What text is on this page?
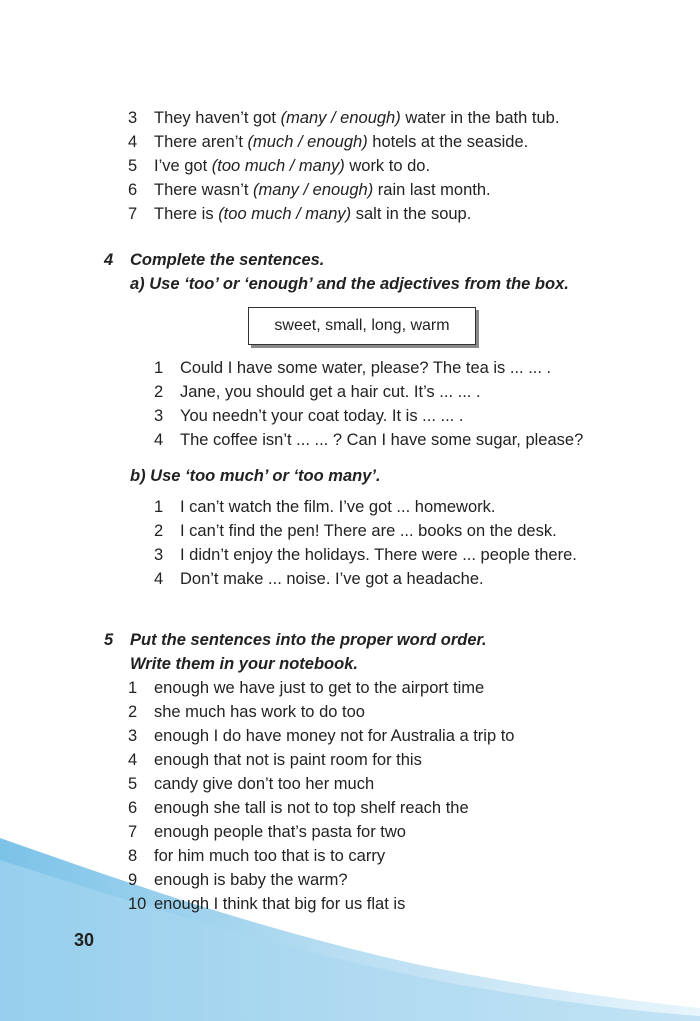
3 They haven’t got (many / enough) water in the bath tub.
4 There aren’t (much / enough) hotels at the seaside.
5 I’ve got (too much / many) work to do.
6 There wasn’t (many / enough) rain last month.
7 There is (too much / many) salt in the soup.
4 Complete the sentences.
a) Use ‘too’ or ‘enough’ and the adjectives from the box.
1 Could I have some water, please? The tea is ... ... .
2 Jane, you should get a hair cut. It’s ... ... .
3 You needn’t your coat today. It is ... ... .
4 The coffee isn’t ... ... ? Can I have some sugar, please?
b) Use ‘too much’ or ‘too many’.
1 I can’t watch the film. I’ve got ... homework.
2 I can’t find the pen! There are ... books on the desk.
3 I didn’t enjoy the holidays. There were ... people there.
4 Don’t make ... noise. I’ve got a headache.
5 Put the sentences into the proper word order.
Write them in your notebook.
1 enough we have just to get to the airport time
2 she much has work to do too
3 enough I do have money not for Australia a trip to
4 enough that not is paint room for this
5 candy give don’t too her much
6 enough she tall is not to top shelf reach the
7 enough people that’s pasta for two
8 for him much too that is to carry
9 enough is baby the warm?
10 enough I think that big for us flat is
sweet, small, long, warm
30
